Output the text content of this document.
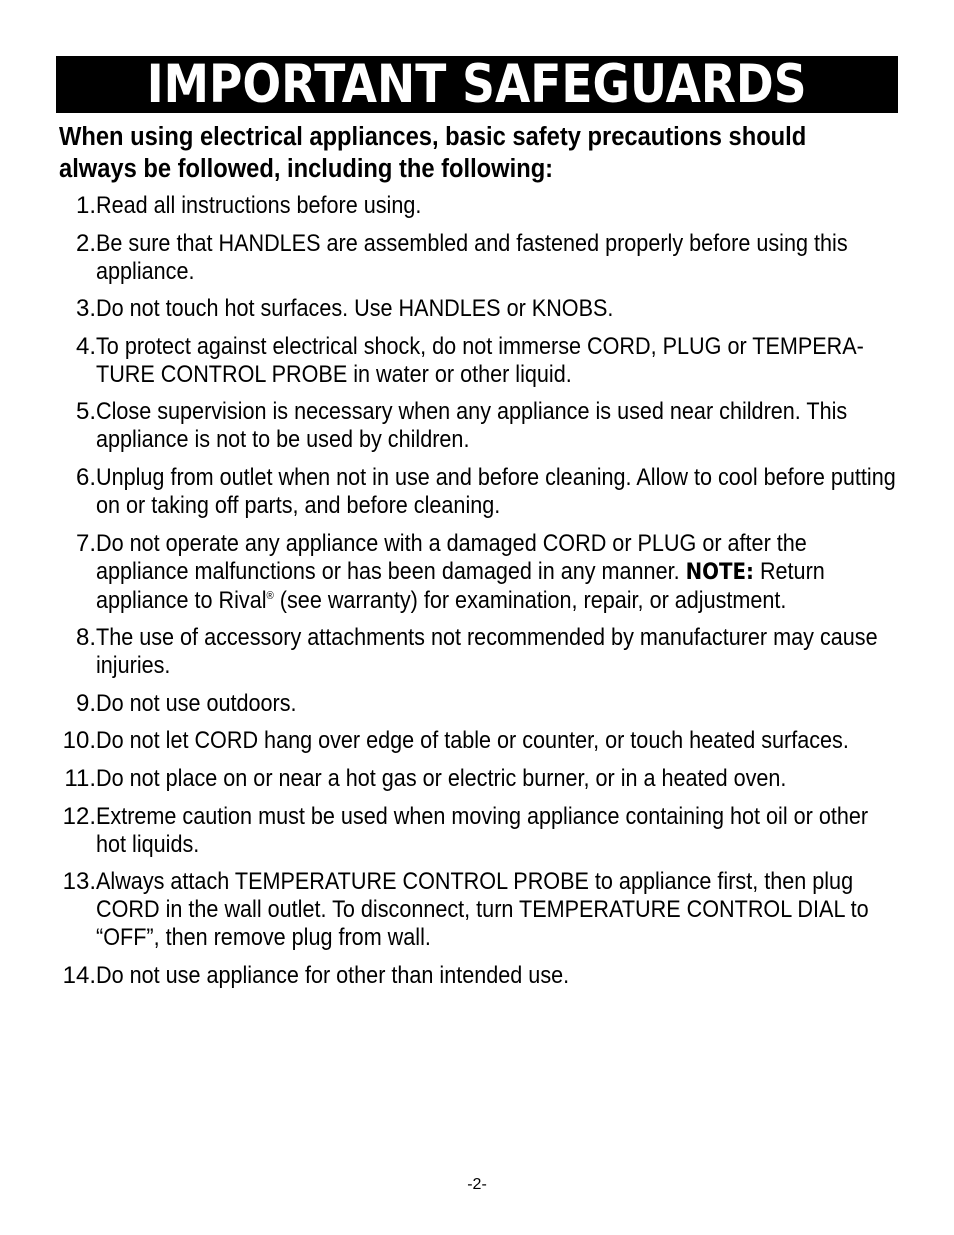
IMPORTANT SAFEGUARDS
When using electrical appliances, basic safety precautions should always be followed, including the following:
1. Read all instructions before using.
2. Be sure that HANDLES are assembled and fastened properly before using this appliance.
3. Do not touch hot surfaces. Use HANDLES or KNOBS.
4. To protect against electrical shock, do not immerse CORD, PLUG or TEMPERA-TURE CONTROL PROBE in water or other liquid.
5. Close supervision is necessary when any appliance is used near children. This appliance is not to be used by children.
6. Unplug from outlet when not in use and before cleaning. Allow to cool before putting on or taking off parts, and before cleaning.
7. Do not operate any appliance with a damaged CORD or PLUG or after the appliance malfunctions or has been damaged in any manner. NOTE: Return appliance to Rival® (see warranty) for examination, repair, or adjustment.
8. The use of accessory attachments not recommended by manufacturer may cause injuries.
9. Do not use outdoors.
10. Do not let CORD hang over edge of table or counter, or touch heated surfaces.
11. Do not place on or near a hot gas or electric burner, or in a heated oven.
12. Extreme caution must be used when moving appliance containing hot oil or other hot liquids.
13. Always attach TEMPERATURE CONTROL PROBE to appliance first, then plug CORD in the wall outlet. To disconnect, turn TEMPERATURE CONTROL DIAL to “OFF”, then remove plug from wall.
14. Do not use appliance for other than intended use.
-2-
